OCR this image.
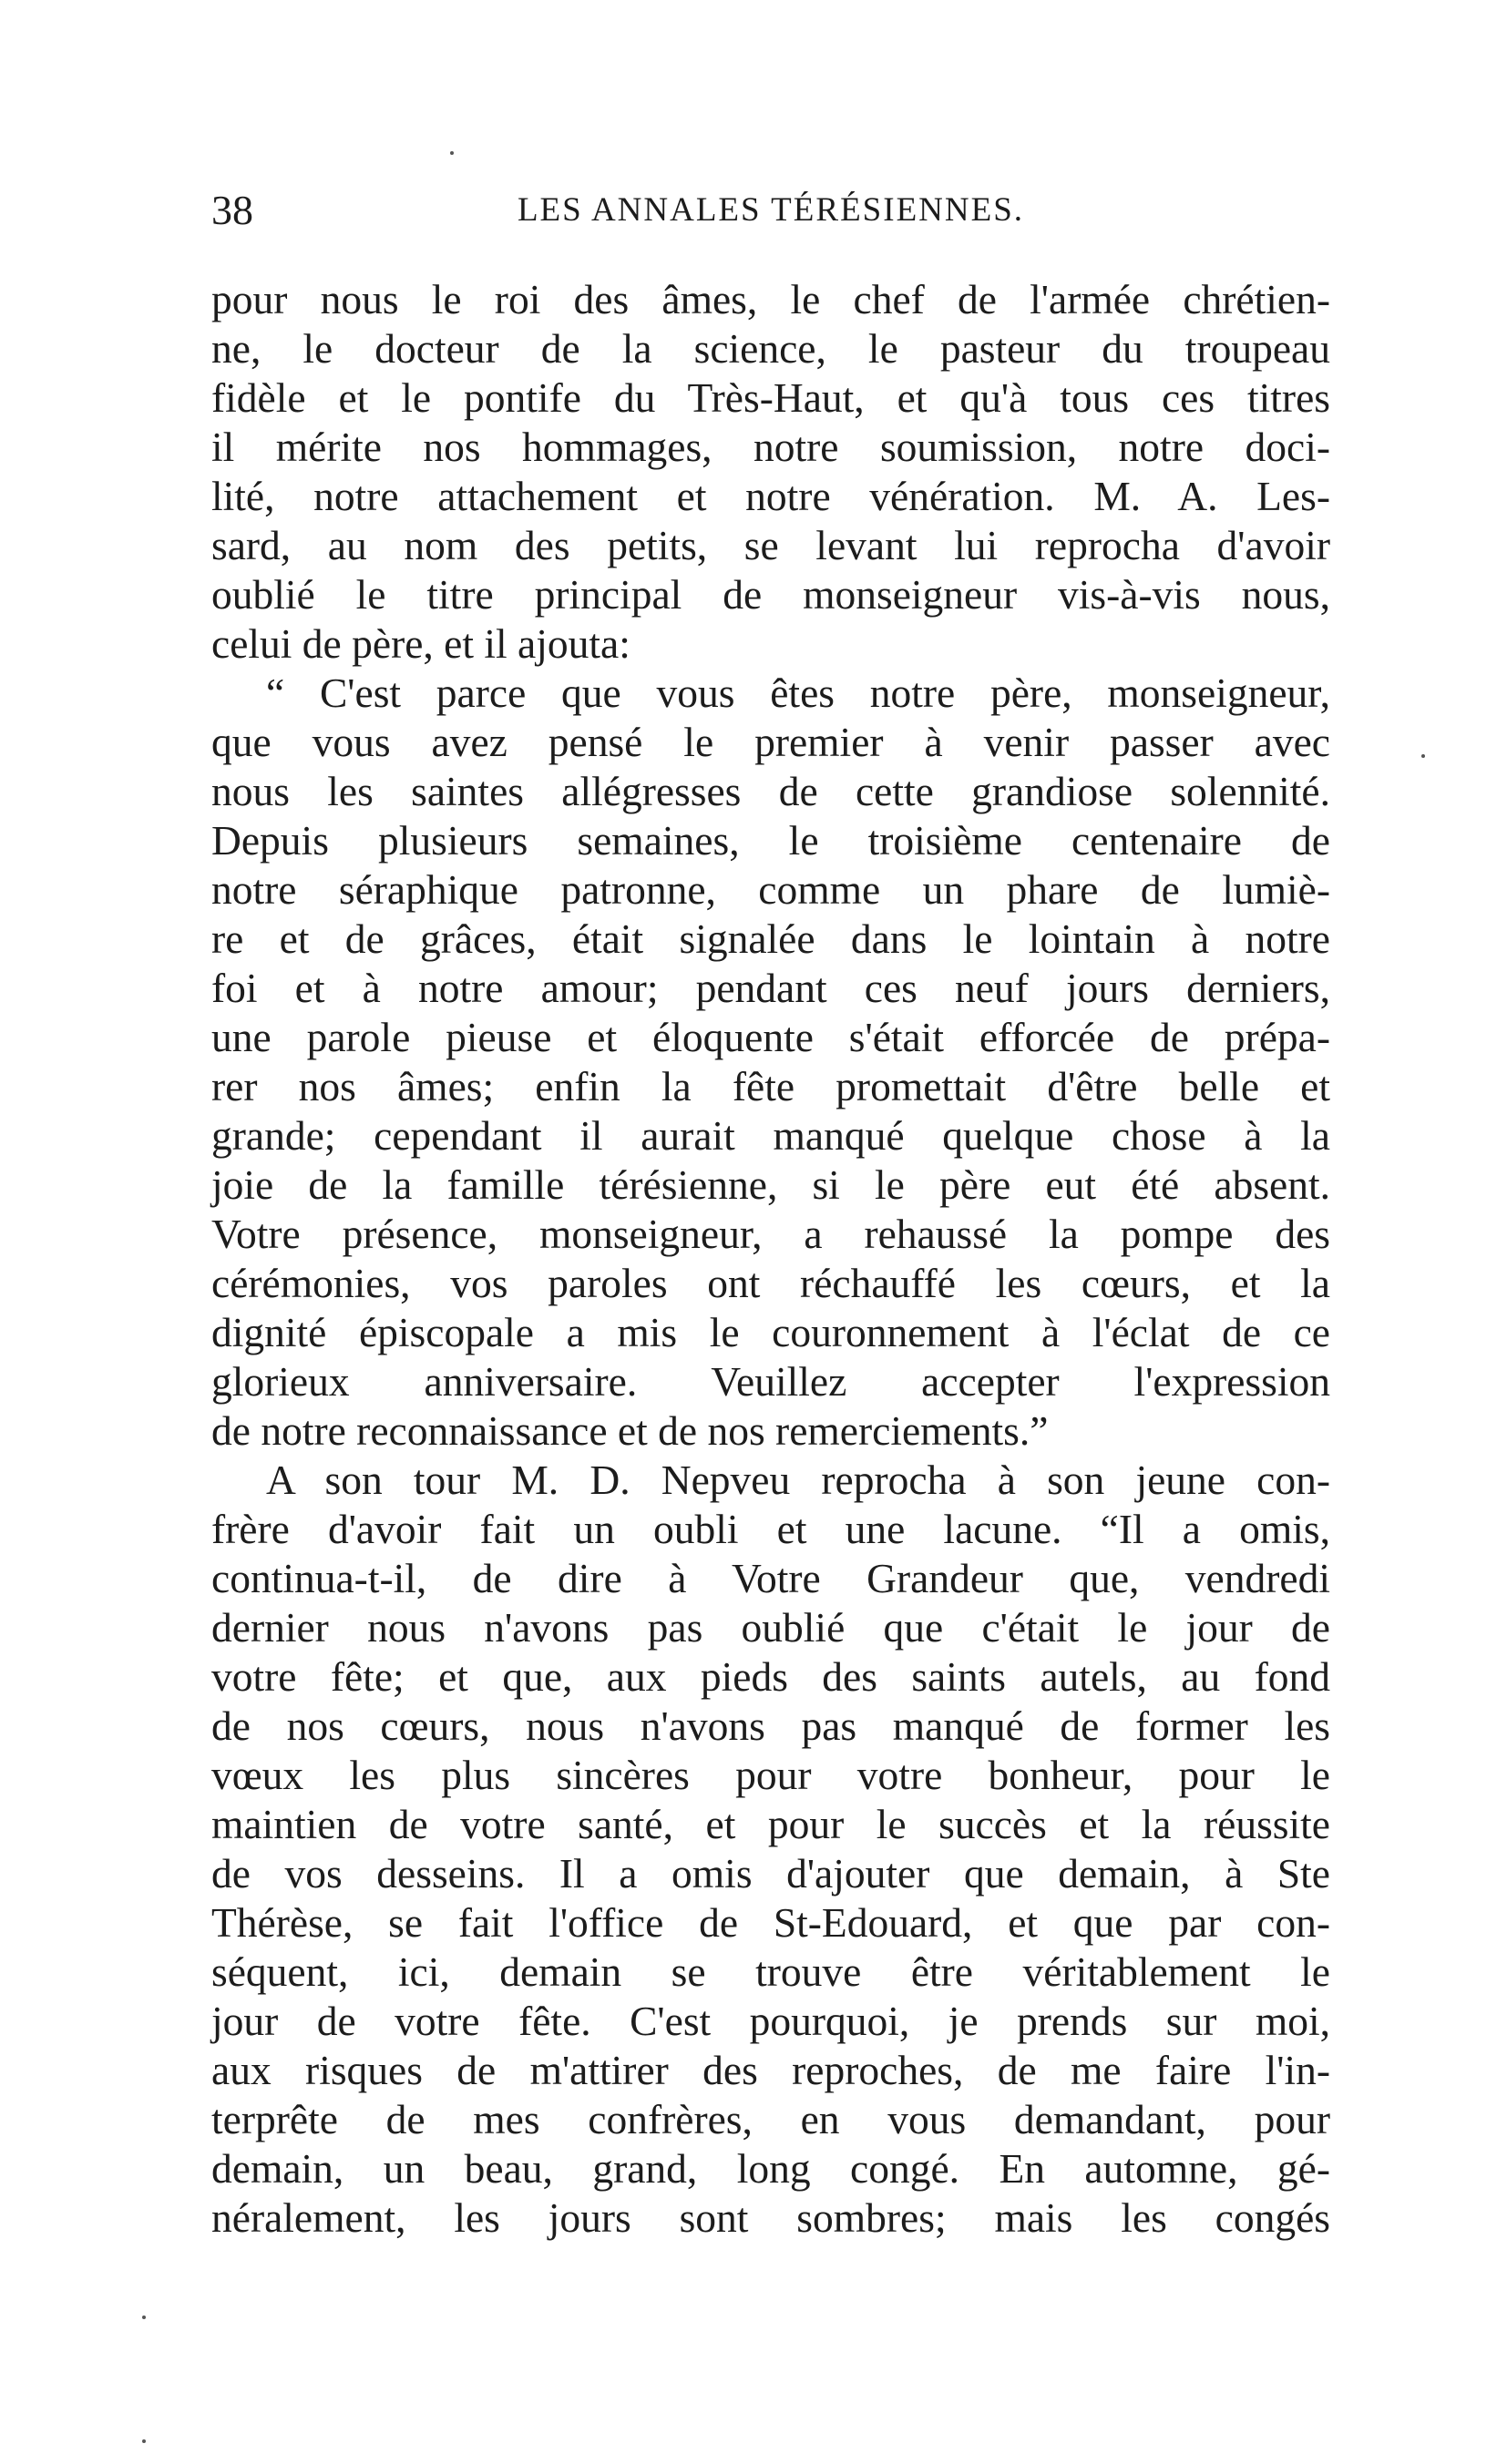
38	LES ANNALES TÉRÉSIENNES.
pour nous le roi des âmes, le chef de l'armée chrétien-
ne, le docteur de la science, le pasteur du troupeau
fidèle et le pontife du Très-Haut, et qu'à tous ces titres
il mérite nos hommages, notre soumission, notre doci-
lité, notre attachement et notre vénération. M. A. Les-
sard, au nom des petits, se levant lui reprocha d'avoir
oublié le titre principal de monseigneur vis-à-vis nous,
celui de père, et il ajouta:
“ C'est parce que vous êtes notre père, monseigneur,
que vous avez pensé le premier à venir passer avec
nous les saintes allégresses de cette grandiose solennité.
Depuis plusieurs semaines, le troisième centenaire de
notre séraphique patronne, comme un phare de lumiè-
re et de grâces, était signalée dans le lointain à notre
foi et à notre amour; pendant ces neuf jours derniers,
une parole pieuse et éloquente s'était efforcée de prépa-
rer nos âmes; enfin la fête promettait d'être belle et
grande; cependant il aurait manqué quelque chose à la
joie de la famille térésienne, si le père eut été absent.
Votre présence, monseigneur, a rehaussé la pompe des
cérémonies, vos paroles ont réchauffé les cœurs, et la
dignité épiscopale a mis le couronnement à l'éclat de ce
glorieux anniversaire. Veuillez accepter l'expression
de notre reconnaissance et de nos remerciements.”
A son tour M. D. Nepveu reprocha à son jeune con-
frère d'avoir fait un oubli et une lacune. “Il a omis,
continua-t-il, de dire à Votre Grandeur que, vendredi
dernier nous n'avons pas oublié que c'était le jour de
votre fête; et que, aux pieds des saints autels, au fond
de nos cœurs, nous n'avons pas manqué de former les
vœux les plus sincères pour votre bonheur, pour le
maintien de votre santé, et pour le succès et la réussite
de vos desseins. Il a omis d'ajouter que demain, à Ste
Thérèse, se fait l'office de St-Edouard, et que par con-
séquent, ici, demain se trouve être véritablement le
jour de votre fête. C'est pourquoi, je prends sur moi,
aux risques de m'attirer des reproches, de me faire l'in-
terprête de mes confrères, en vous demandant, pour
demain, un beau, grand, long congé. En automne, gé-
néralement, les jours sont sombres; mais les congés
